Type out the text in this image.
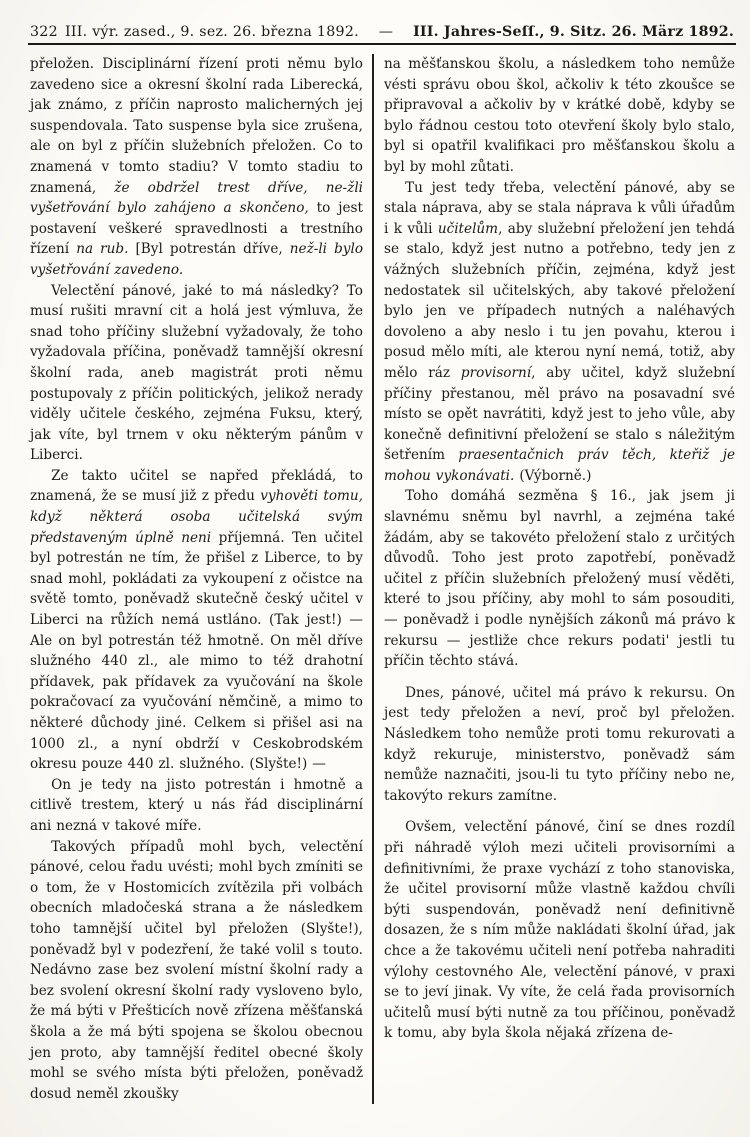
322 III. výr. zased., 9. sez. 26. března 1892. — III. Jahres-Seſſ., 9. Sitz. 26. März 1892.

přeložen. Disciplinární řízení proti němu bylo zavedeno sice a okresní školní rada Liberecká, jak známo, z příčin naprosto malicherných jej suspendovala. Tato suspense byla sice zrušena, ale on byl z příčin služebních přeložen. Co to znamená v tomto stadiu? V tomto stadiu to znamená, že obdržel trest dříve, ne-žli vyšetřování bylo zahájeno a skončeno, to jest postavení veškeré spravedlnosti a trestního řízení na rub. [Byl potrestán dříve, než-li bylo vyšetřování zavedeno.

Velectění pánové, jaké to má následky? To musí rušiti mravní cit a holá jest výmluva, že snad toho příčiny služební vyžadovaly, že toho vyžadovala příčina, poněvadž tamnější okresní školní rada, aneb magistrát proti němu postupovaly z příčin politických, jelikož nerady viděly učitele českého, zejména Fuksu, který, jak víte, byl trnem v oku některým pánům v Liberci.

Ze takto učitel se napřed překládá, to znamená, že se musí již z předu vyhověti tomu, když některá osoba učitelská svým představeným úplně neni příjemná. Ten učitel byl potrestán ne tím, že přišel z Liberce, to by snad mohl, pokládati za vykoupení z očistce na světě tomto, poněvadž skutečně český učitel v Liberci na růžích nemá ustláno. (Tak jest!) — Ale on byl potrestán též hmotně. On měl dříve služného 440 zl., ale mimo to též drahotní přídavek, pak přídavek za vyučování na škole pokračovací za vyučování němčině, a mimo to některé důchody jiné. Celkem si přišel asi na 1000 zl., a nyní obdrží v Ceskobrodském okresu pouze 440 zl. služného. (Slyšte!) —

On je tedy na jisto potrestán i hmotně a citlivě trestem, který u nás řád disciplinární ani nezná v takové míře.

Takových případů mohl bych, velectění pánové, celou řadu uvésti; mohl bych zmíniti se o tom, že v Hostomicích zvítězila při volbách obecních mladočeská strana a že následkem toho tamnější učitel byl přeložen (Slyšte!), poněvadž byl v podezření, že také volil s touto. Nedávno zase bez svolení místní školní rady a bez svolení okresní školní rady vysloveno bylo, že má býti v Přešticích nově zřízena měšťanská škola a že má býti spojena se školou obecnou jen proto, aby tamnější ředitel obecné školy mohl se svého místa býti přeložen, poněvadž dosud neměl zkoušky

na měšťanskou školu, a následkem toho nemůže vésti správu obou škol, ačkoliv k této zkoušce se připravoval a ačkoliv by v krátké době, kdyby se bylo řádnou cestou toto otevření školy bylo stalo, byl si opatřil kvalifikaci pro měšťanskou školu a byl by mohl zůtati.

Tu jest tedy třeba, velectění pánové, aby se stala náprava, aby se stala náprava k vůli úřadům i k vůli učitelům, aby služební přeložení jen tehdá se stalo, když jest nutno a potřebno, tedy jen z vážných služebních příčin, zejména, když jest nedostatek sil učitelských, aby takové přeložení bylo jen ve případech nutných a naléhavých dovoleno a aby neslo i tu jen povahu, kterou i posud mělo míti, ale kterou nyní nemá, totiž, aby mělo ráz provisorní, aby učitel, když služební příčiny přestanou, měl právo na posavadní své místo se opět navrátiti, když jest to jeho vůle, aby konečně definitivní přeložení se stalo s náležitým šetřením praesentačnich práv těch, kteřiž je mohou vykonávati. (Výborně.)

Toho domáhá sezměna § 16., jak jsem ji slavnému sněmu byl navrhl, a zejména také žádám, aby se takovéto přeložení stalo z určitých důvodů. Toho jest proto zapotřebí, poněvadž učitel z příčin služebních přeložený musí věděti, které to jsou příčiny, aby mohl to sám posouditi, — poněvadž i podle nynějších zákonů má právo k rekursu — jestliže chce rekurs podati' jestli tu příčin těchto stává.

Dnes, pánové, učitel má právo k rekursu. On jest tedy přeložen a neví, proč byl přeložen. Následkem toho nemůže proti tomu rekurovati a když rekuruje, ministerstvo, poněvadž sám nemůže naznačiti, jsou-li tu tyto příčiny nebo ne, takovýto rekurs zamítne.

Ovšem, velectění pánové, činí se dnes rozdíl při náhradě výloh mezi učiteli provisorními a definitivními, že praxe vychází z toho stanoviska, že učitel provisorní může vlastně každou chvíli býti suspendován, poněvadž není definitivně dosazen, že s ním může nakládati školní úřad, jak chce a že takovému učiteli není potřeba nahraditi výlohy cestovného Ale, velectění pánové, v praxi se to jeví jinak. Vy víte, že celá řada provisorních učitelů musí býti nutně za tou příčinou, poněvadž k tomu, aby byla škola nějaká zřízena de-
